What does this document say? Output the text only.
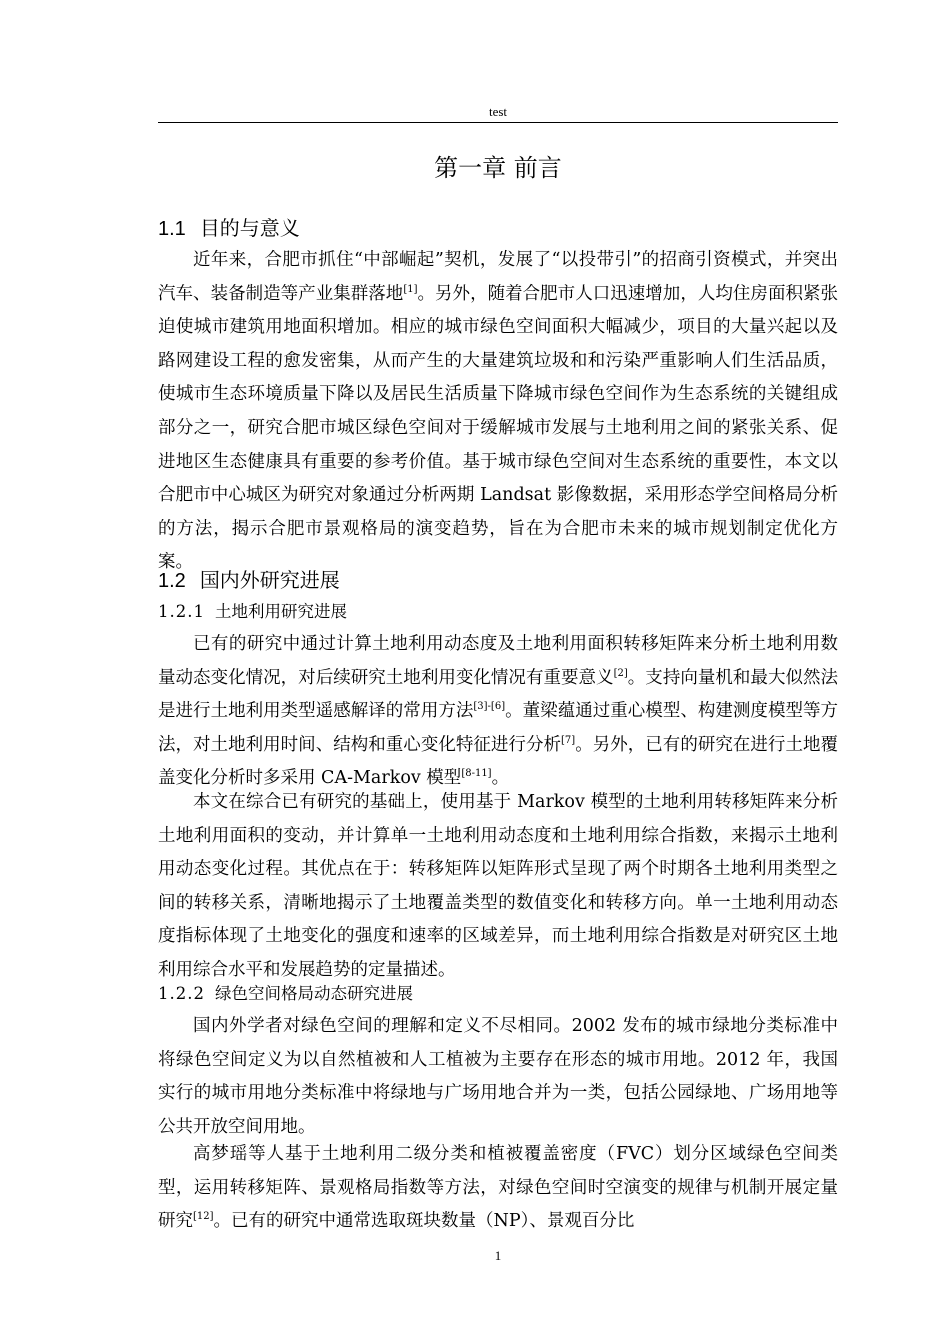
test
第一章 前言
1.1 目的与意义
近年来，合肥市抓住“中部崛起”契机，发展了“以投带引”的招商引资模式，并突出汽车、装备制造等产业集群落地[1]。另外，随着合肥市人口迅速增加，人均住房面积紧张迫使城市建筑用地面积增加。相应的城市绿色空间面积大幅减少，项目的大量兴起以及路网建设工程的愈发密集，从而产生的大量建筑垃圾和和污染严重影响人们生活品质，使城市生态环境质量下降以及居民生活质量下降城市绿色空间作为生态系统的关键组成部分之一，研究合肥市城区绿色空间对于缓解城市发展与土地利用之间的紧张关系、促进地区生态健康具有重要的参考价值。基于城市绿色空间对生态系统的重要性，本文以合肥市中心城区为研究对象通过分析两期 Landsat 影像数据，采用形态学空间格局分析的方法，揭示合肥市景观格局的演变趋势，旨在为合肥市未来的城市规划制定优化方案。
1.2 国内外研究进展
1.2.1 土地利用研究进展
已有的研究中通过计算土地利用动态度及土地利用面积转移矩阵来分析土地利用数量动态变化情况，对后续研究土地利用变化情况有重要意义[2]。支持向量机和最大似然法是进行土地利用类型遥感解译的常用方法[3]-[6]。董梁蕴通过重心模型、构建测度模型等方法，对土地利用时间、结构和重心变化特征进行分析[7]。另外，已有的研究在进行土地覆盖变化分析时多采用 CA-Markov 模型[8-11]。
本文在综合已有研究的基础上，使用基于 Markov 模型的土地利用转移矩阵来分析土地利用面积的变动，并计算单一土地利用动态度和土地利用综合指数，来揭示土地利用动态变化过程。其优点在于：转移矩阵以矩阵形式呈现了两个时期各土地利用类型之间的转移关系，清晰地揭示了土地覆盖类型的数值变化和转移方向。单一土地利用动态度指标体现了土地变化的强度和速率的区域差异，而土地利用综合指数是对研究区土地利用综合水平和发展趋势的定量描述。
1.2.2 绿色空间格局动态研究进展
国内外学者对绿色空间的理解和定义不尽相同。2002 发布的城市绿地分类标准中将绿色空间定义为以自然植被和人工植被为主要存在形态的城市用地。2012 年，我国实行的城市用地分类标准中将绿地与广场用地合并为一类，包括公园绿地、广场用地等公共开放空间用地。
高梦瑶等人基于土地利用二级分类和植被覆盖密度（FVC）划分区域绿色空间类型，运用转移矩阵、景观格局指数等方法，对绿色空间时空演变的规律与机制开展定量研究[12]。已有的研究中通常选取斑块数量（NP）、景观百分比
1
